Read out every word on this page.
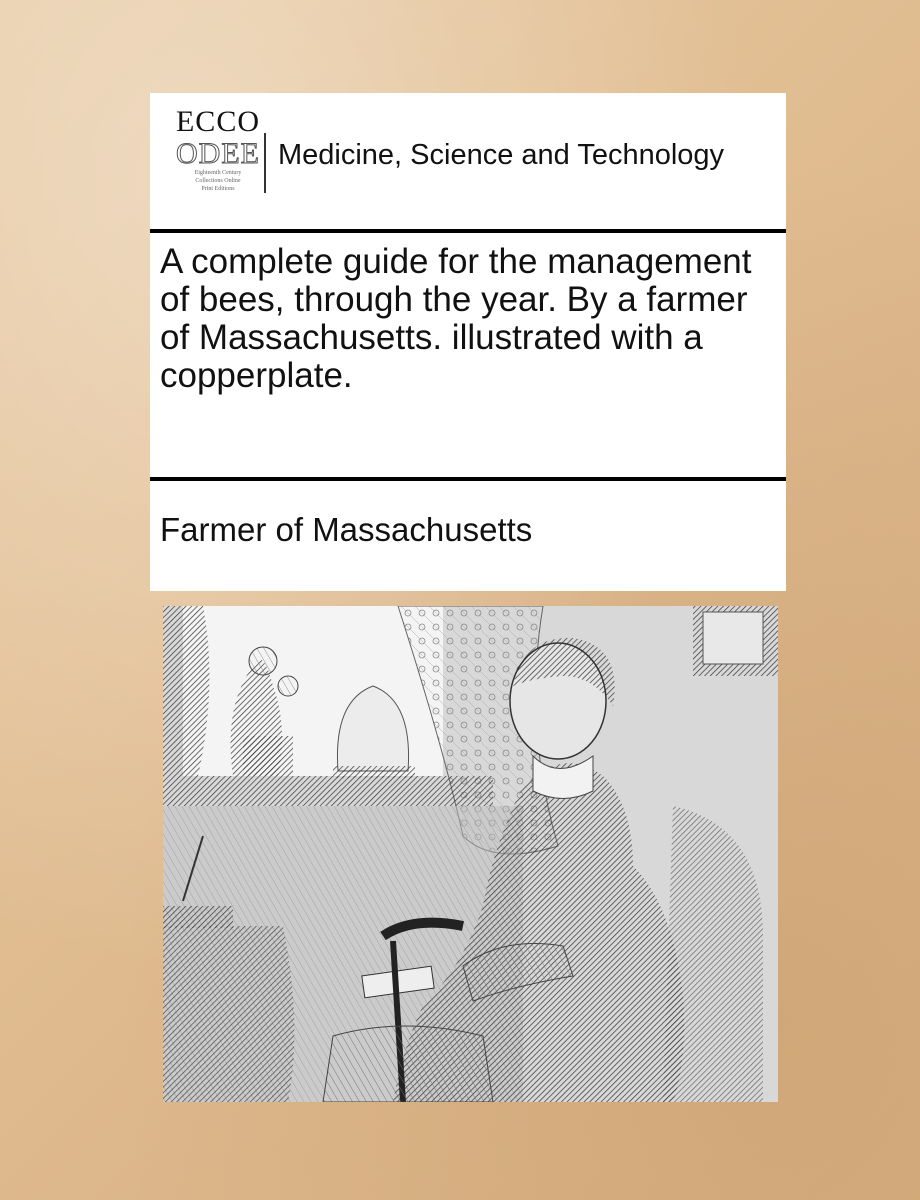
ECCO
ODEE
Eighteenth Century
Collections Online
Print Editions
Medicine, Science and Technology
A complete guide for the management of bees, through the year. By a farmer of Massachusetts. illustrated with a copperplate.

Farmer of Massachusetts
